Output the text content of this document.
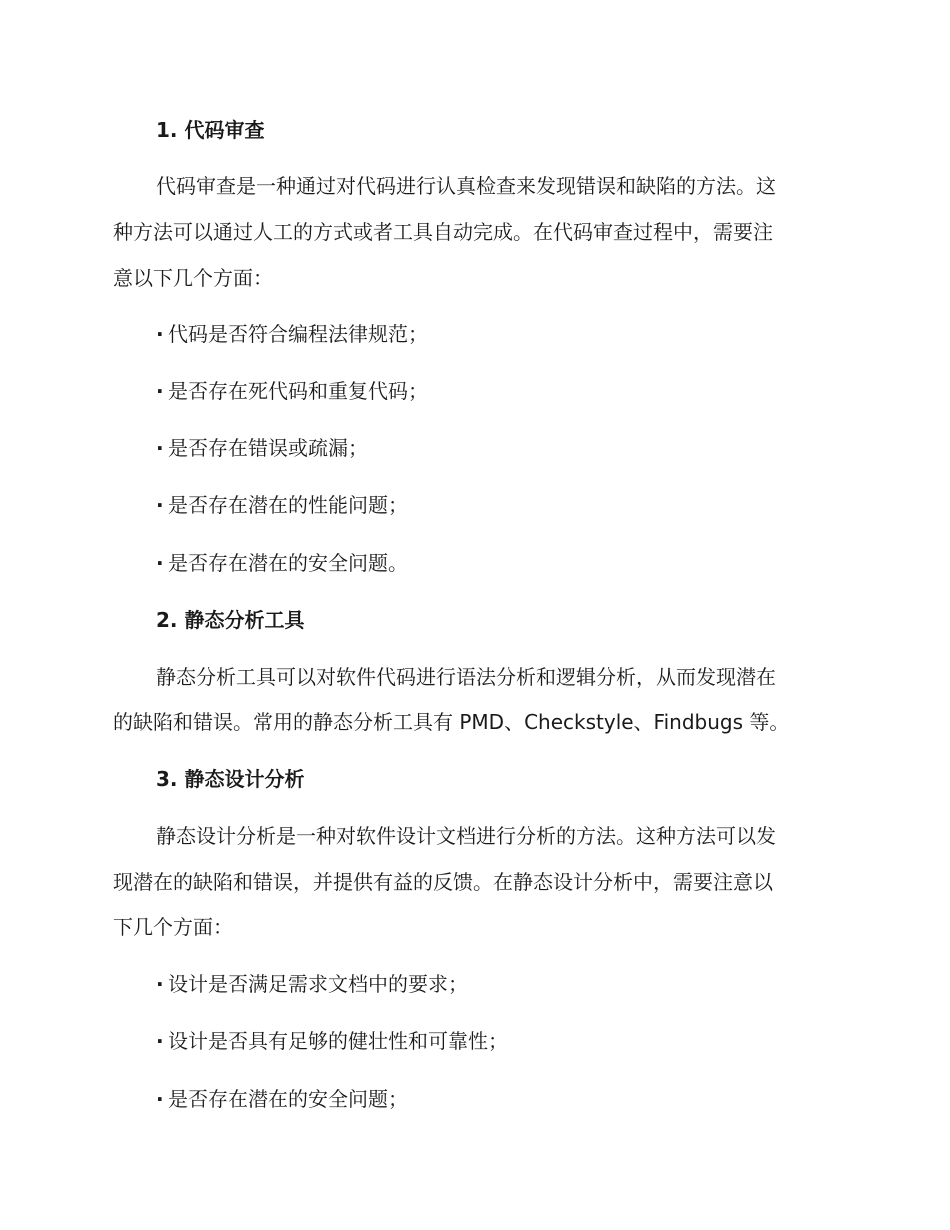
1. 代码审查

代码审查是一种通过对代码进行认真检查来发现错误和缺陷的方法。这

种方法可以通过人工的方式或者工具自动完成。在代码审查过程中，需要注

意以下几个方面：

· 代码是否符合编程法律规范；

· 是否存在死代码和重复代码；

· 是否存在错误或疏漏；

· 是否存在潜在的性能问题；

· 是否存在潜在的安全问题。

2. 静态分析工具

静态分析工具可以对软件代码进行语法分析和逻辑分析，从而发现潜在

的缺陷和错误。常用的静态分析工具有 PMD、Checkstyle、Findbugs 等。

3. 静态设计分析

静态设计分析是一种对软件设计文档进行分析的方法。这种方法可以发

现潜在的缺陷和错误，并提供有益的反馈。在静态设计分析中，需要注意以

下几个方面：

· 设计是否满足需求文档中的要求；

· 设计是否具有足够的健壮性和可靠性；

· 是否存在潜在的安全问题；
